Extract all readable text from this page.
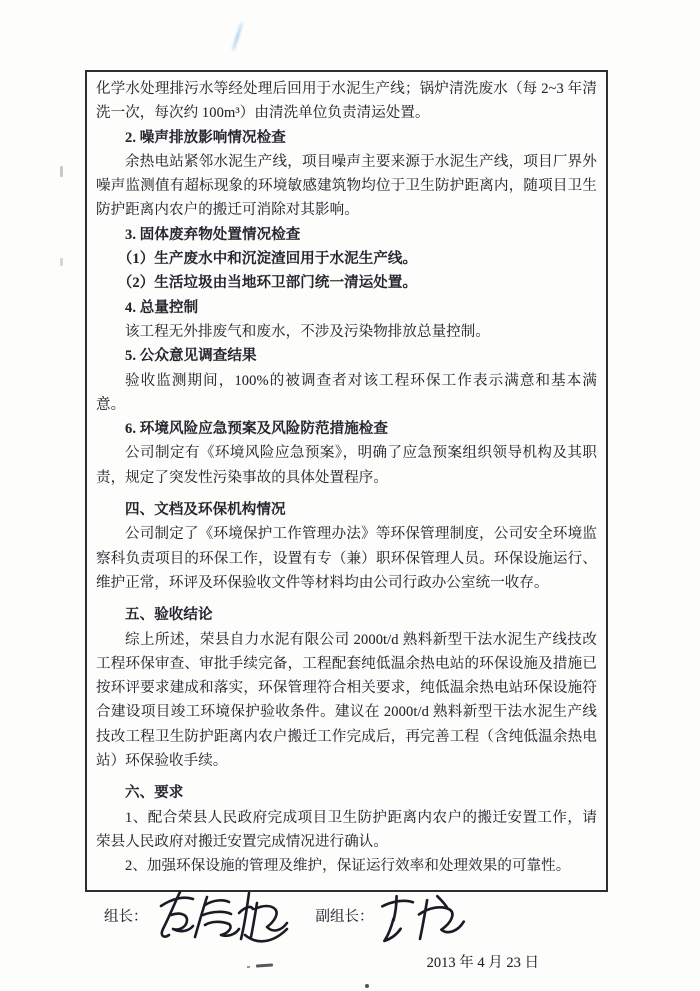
化学水处理排污水等经处理后回用于水泥生产线；锅炉清洗废水（每 2~3 年清洗一次，每次约 100m³）由清洗单位负责清运处置。
2. 噪声排放影响情况检查
余热电站紧邻水泥生产线，项目噪声主要来源于水泥生产线，项目厂界外噪声监测值有超标现象的环境敏感建筑物均位于卫生防护距离内，随项目卫生防护距离内农户的搬迁可消除对其影响。
3. 固体废弃物处置情况检查
（1）生产废水中和沉淀渣回用于水泥生产线。
（2）生活垃圾由当地环卫部门统一清运处置。
4. 总量控制
该工程无外排废气和废水，不涉及污染物排放总量控制。
5. 公众意见调查结果
验收监测期间，100%的被调查者对该工程环保工作表示满意和基本满意。
6. 环境风险应急预案及风险防范措施检查
公司制定有《环境风险应急预案》，明确了应急预案组织领导机构及其职责，规定了突发性污染事故的具体处置程序。
四、文档及环保机构情况
公司制定了《环境保护工作管理办法》等环保管理制度，公司安全环境监察科负责项目的环保工作，设置有专（兼）职环保管理人员。环保设施运行、维护正常，环评及环保验收文件等材料均由公司行政办公室统一收存。
五、验收结论
综上所述，荣县自力水泥有限公司 2000t/d 熟料新型干法水泥生产线技改工程环保审查、审批手续完备，工程配套纯低温余热电站的环保设施及措施已按环评要求建成和落实，环保管理符合相关要求，纯低温余热电站环保设施符合建设项目竣工环境保护验收条件。建议在 2000t/d 熟料新型干法水泥生产线技改工程卫生防护距离内农户搬迁工作完成后，再完善工程（含纯低温余热电站）环保验收手续。
六、要求
1、配合荣县人民政府完成项目卫生防护距离内农户的搬迁安置工作，请荣县人民政府对搬迁安置完成情况进行确认。
2、加强环保设施的管理及维护，保证运行效率和处理效果的可靠性。
组长：	副组长：
2013 年 4 月 23 日
